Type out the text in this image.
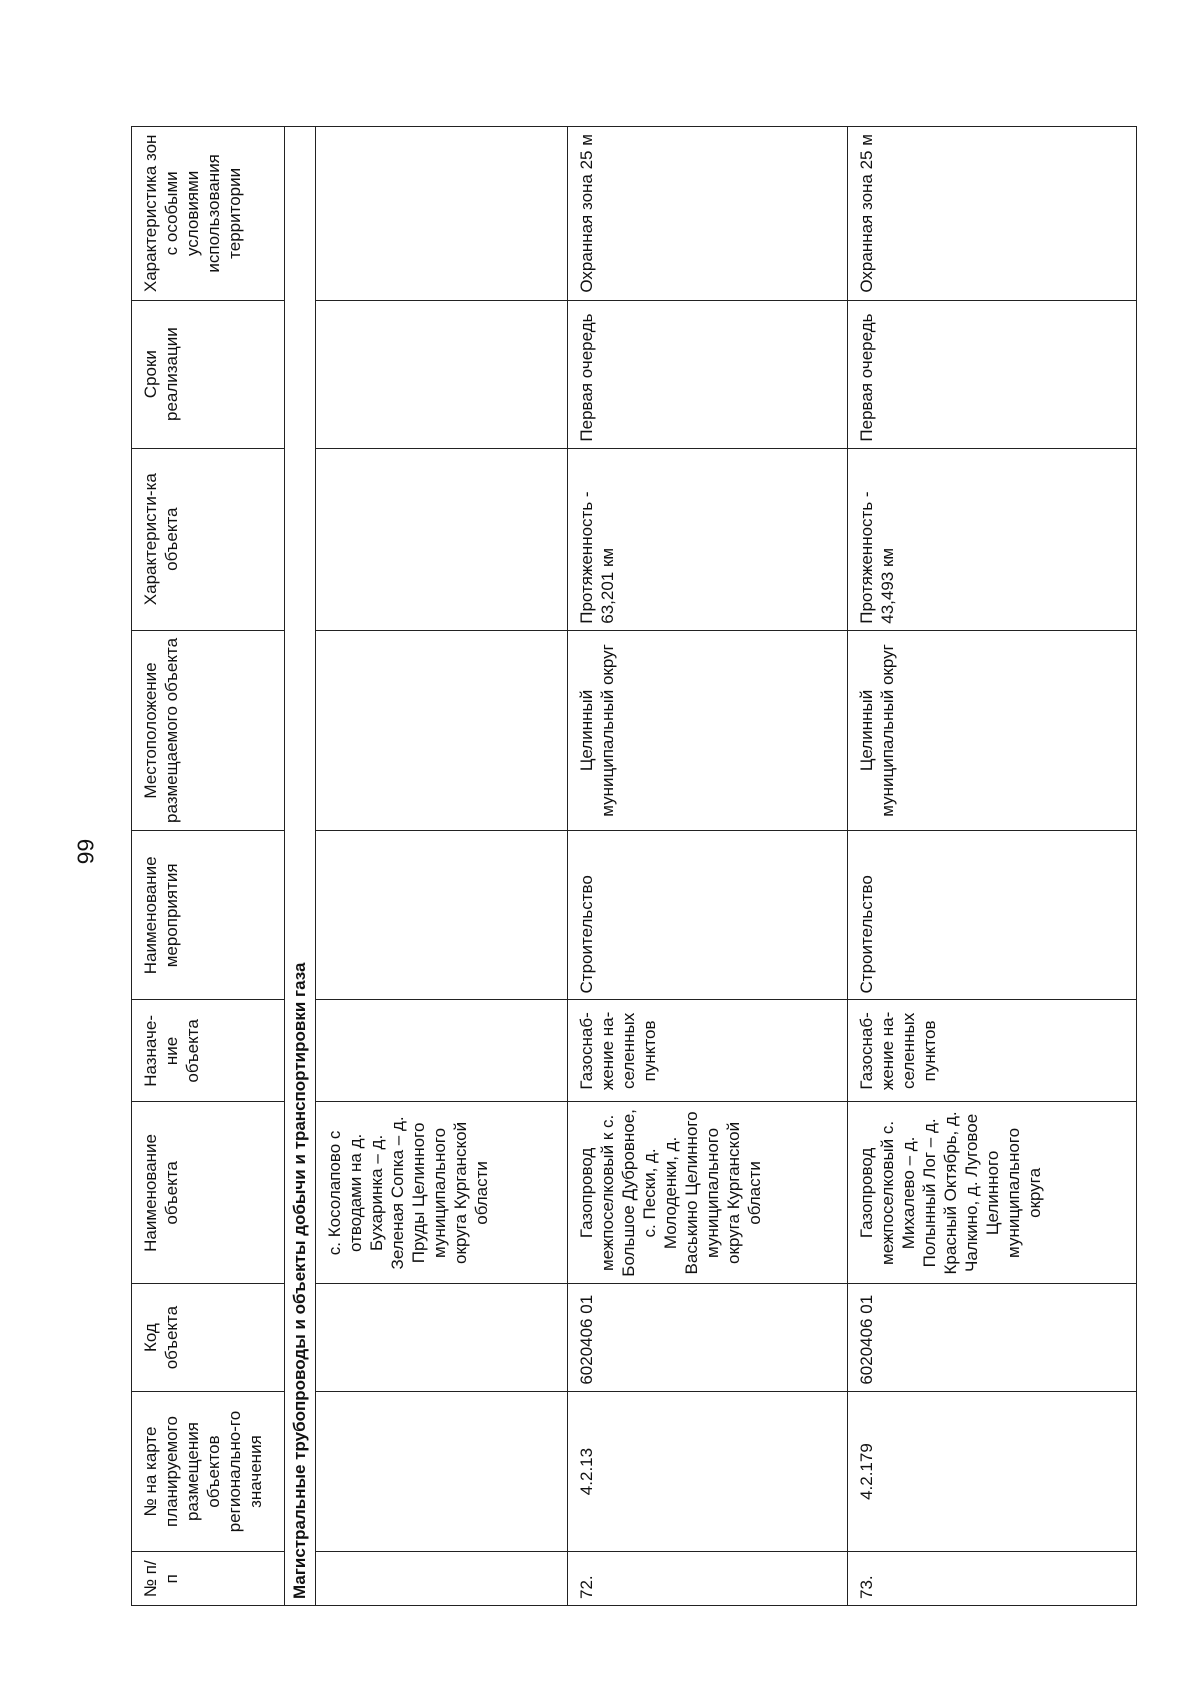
66
№ п/п	№ на карте планируемого размещения объектов регионально-го значения	Код объекта	Наименование объекта	Назначе-ние объекта	Наименование мероприятия	Местоположение размещаемого объекта	Характеристи-ка объекта	Сроки реализации	Характеристика зон с особыми условиями использования территории
Магистральные трубопроводы и объекты добычи и транспортировки газа									
			с. Косолапово с отводами на д. Бухаринка – д. Зеленая Сопка – д. Пруды Целинного муниципального округа Курганской области						
72.	4.2.13	6020406 01	Газопровод межпоселковый к с. Большое Дубровное, с. Пески, д. Молоденки, д. Васькино Целинного муниципального округа Курганской области	Газоснаб-жение на-селенных пунктов	Строительство	Целинный муниципальный округ	Протяженность - 63,201 км	Первая очередь	Охранная зона 25 м
73.	4.2.179	6020406 01	Газопровод межпоселковый с. Михалево – д. Полынный Лог – д. Красный Октябрь, д. Чалкино, д. Луговое Целинного муниципального округа	Газоснаб-жение на-селенных пунктов	Строительство	Целинный муниципальный округ	Протяженность - 43,493 км	Первая очередь	Охранная зона 25 м
